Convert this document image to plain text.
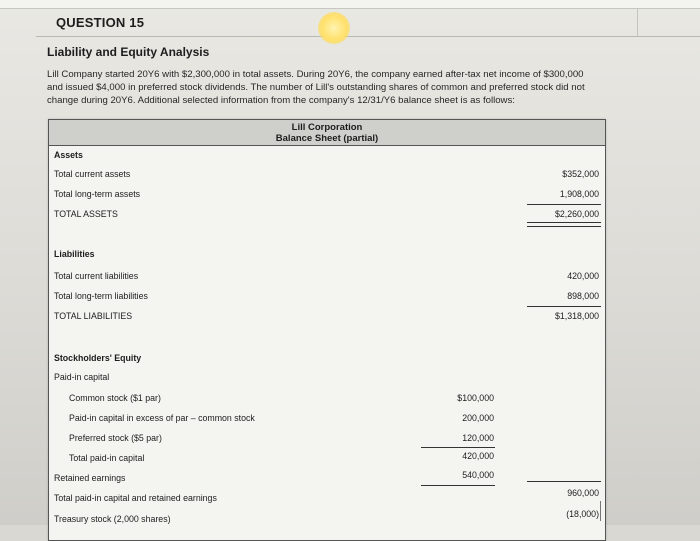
QUESTION 15
Liability and Equity Analysis

Lill Company started 20Y6 with $2,300,000 in total assets. During 20Y6, the company earned after-tax net income of $300,000

and issued $4,000 in preferred stock dividends. The number of Lill's outstanding shares of common and preferred stock did not

change during 20Y6. Additional selected information from the company's 12/31/Y6 balance sheet is as follows:

Lill Corporation
Balance Sheet (partial)
Assets
Total current assets	$352,000
Total long-term assets	1,908,000
TOTAL ASSETS	$2,260,000
Liabilities
Total current liabilities	420,000
Total long-term liabilities	898,000
TOTAL LIABILITIES	$1,318,000
Stockholders' Equity
Paid-in capital
Common stock ($1 par)	$100,000
Paid-in capital in excess of par – common stock	200,000
Preferred stock ($5 par)	120,000
Total paid-in capital	420,000
Retained earnings	540,000
Total paid-in capital and retained earnings	960,000
Treasury stock (2,000 shares)	(18,000)
